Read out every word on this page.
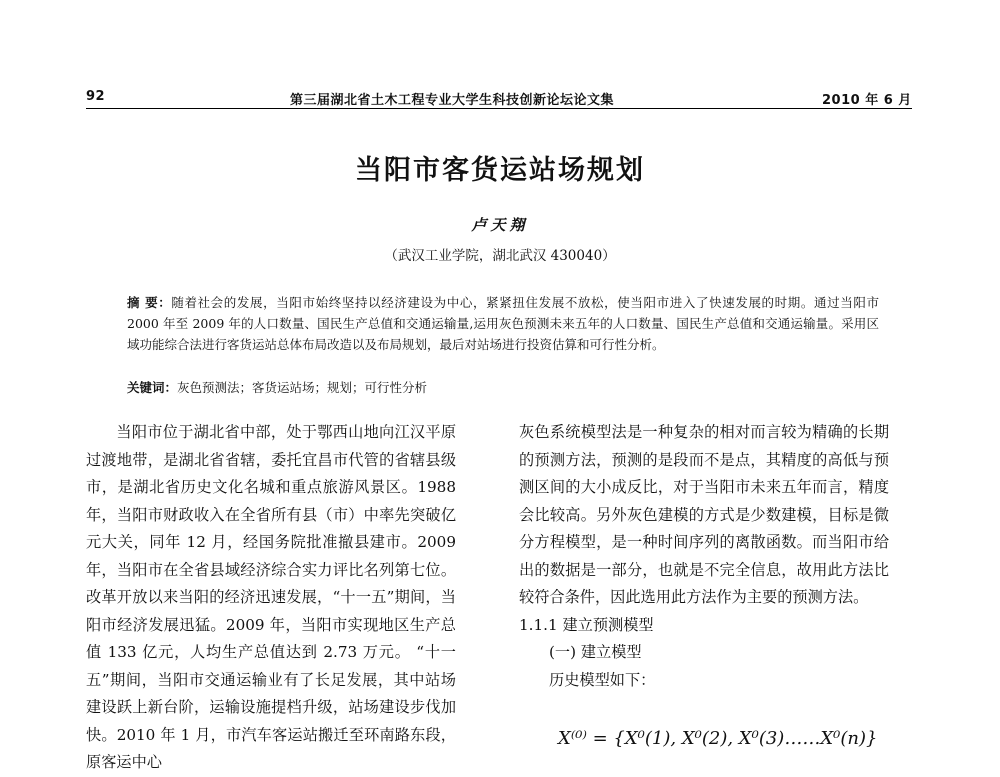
92	第三届湖北省土木工程专业大学生科技创新论坛论文集	2010 年 6 月
当阳市客货运站场规划
卢天翔
（武汉工业学院，湖北武汉 430040）
摘 要：随着社会的发展，当阳市始终坚持以经济建设为中心，紧紧扭住发展不放松，使当阳市进入了快速发展的时期。通过当阳市 2000 年至 2009 年的人口数量、国民生产总值和交通运输量,运用灰色预测未来五年的人口数量、国民生产总值和交通运输量。采用区域功能综合法进行客货运站总体布局改造以及布局规划，最后对站场进行投资估算和可行性分析。
关键词：灰色预测法；客货运站场；规划；可行性分析
当阳市位于湖北省中部，处于鄂西山地向江汉平原过渡地带，是湖北省省辖，委托宜昌市代管的省辖县级市，是湖北省历史文化名城和重点旅游风景区。1988 年，当阳市财政收入在全省所有县（市）中率先突破亿元大关，同年 12 月，经国务院批准撤县建市。2009 年，当阳市在全省县域经济综合实力评比名列第七位。改革开放以来当阳的经济迅速发展，“十一五”期间，当阳市经济发展迅猛。2009 年，当阳市实现地区生产总值 133 亿元，人均生产总值达到 2.73 万元。 “十一五”期间，当阳市交通运输业有了长足发展，其中站场建设跃上新台阶，运输设施提档升级，站场建设步伐加快。2010 年 1 月，市汽车客运站搬迁至环南路东段，原客运中心
灰色系统模型法是一种复杂的相对而言较为精确的长期的预测方法，预测的是段而不是点，其精度的高低与预测区间的大小成反比，对于当阳市未来五年而言，精度会比较高。另外灰色建模的方式是少数建模，目标是微分方程模型，是一种时间序列的离散函数。而当阳市给出的数据是一部分，也就是不完全信息，故用此方法比较符合条件，因此选用此方法作为主要的预测方法。
1.1.1 建立预测模型
(一) 建立模型
历史模型如下：
X⁽⁰⁾ = {X⁰(1), X⁰(2), X⁰(3)……X⁰(n)}
